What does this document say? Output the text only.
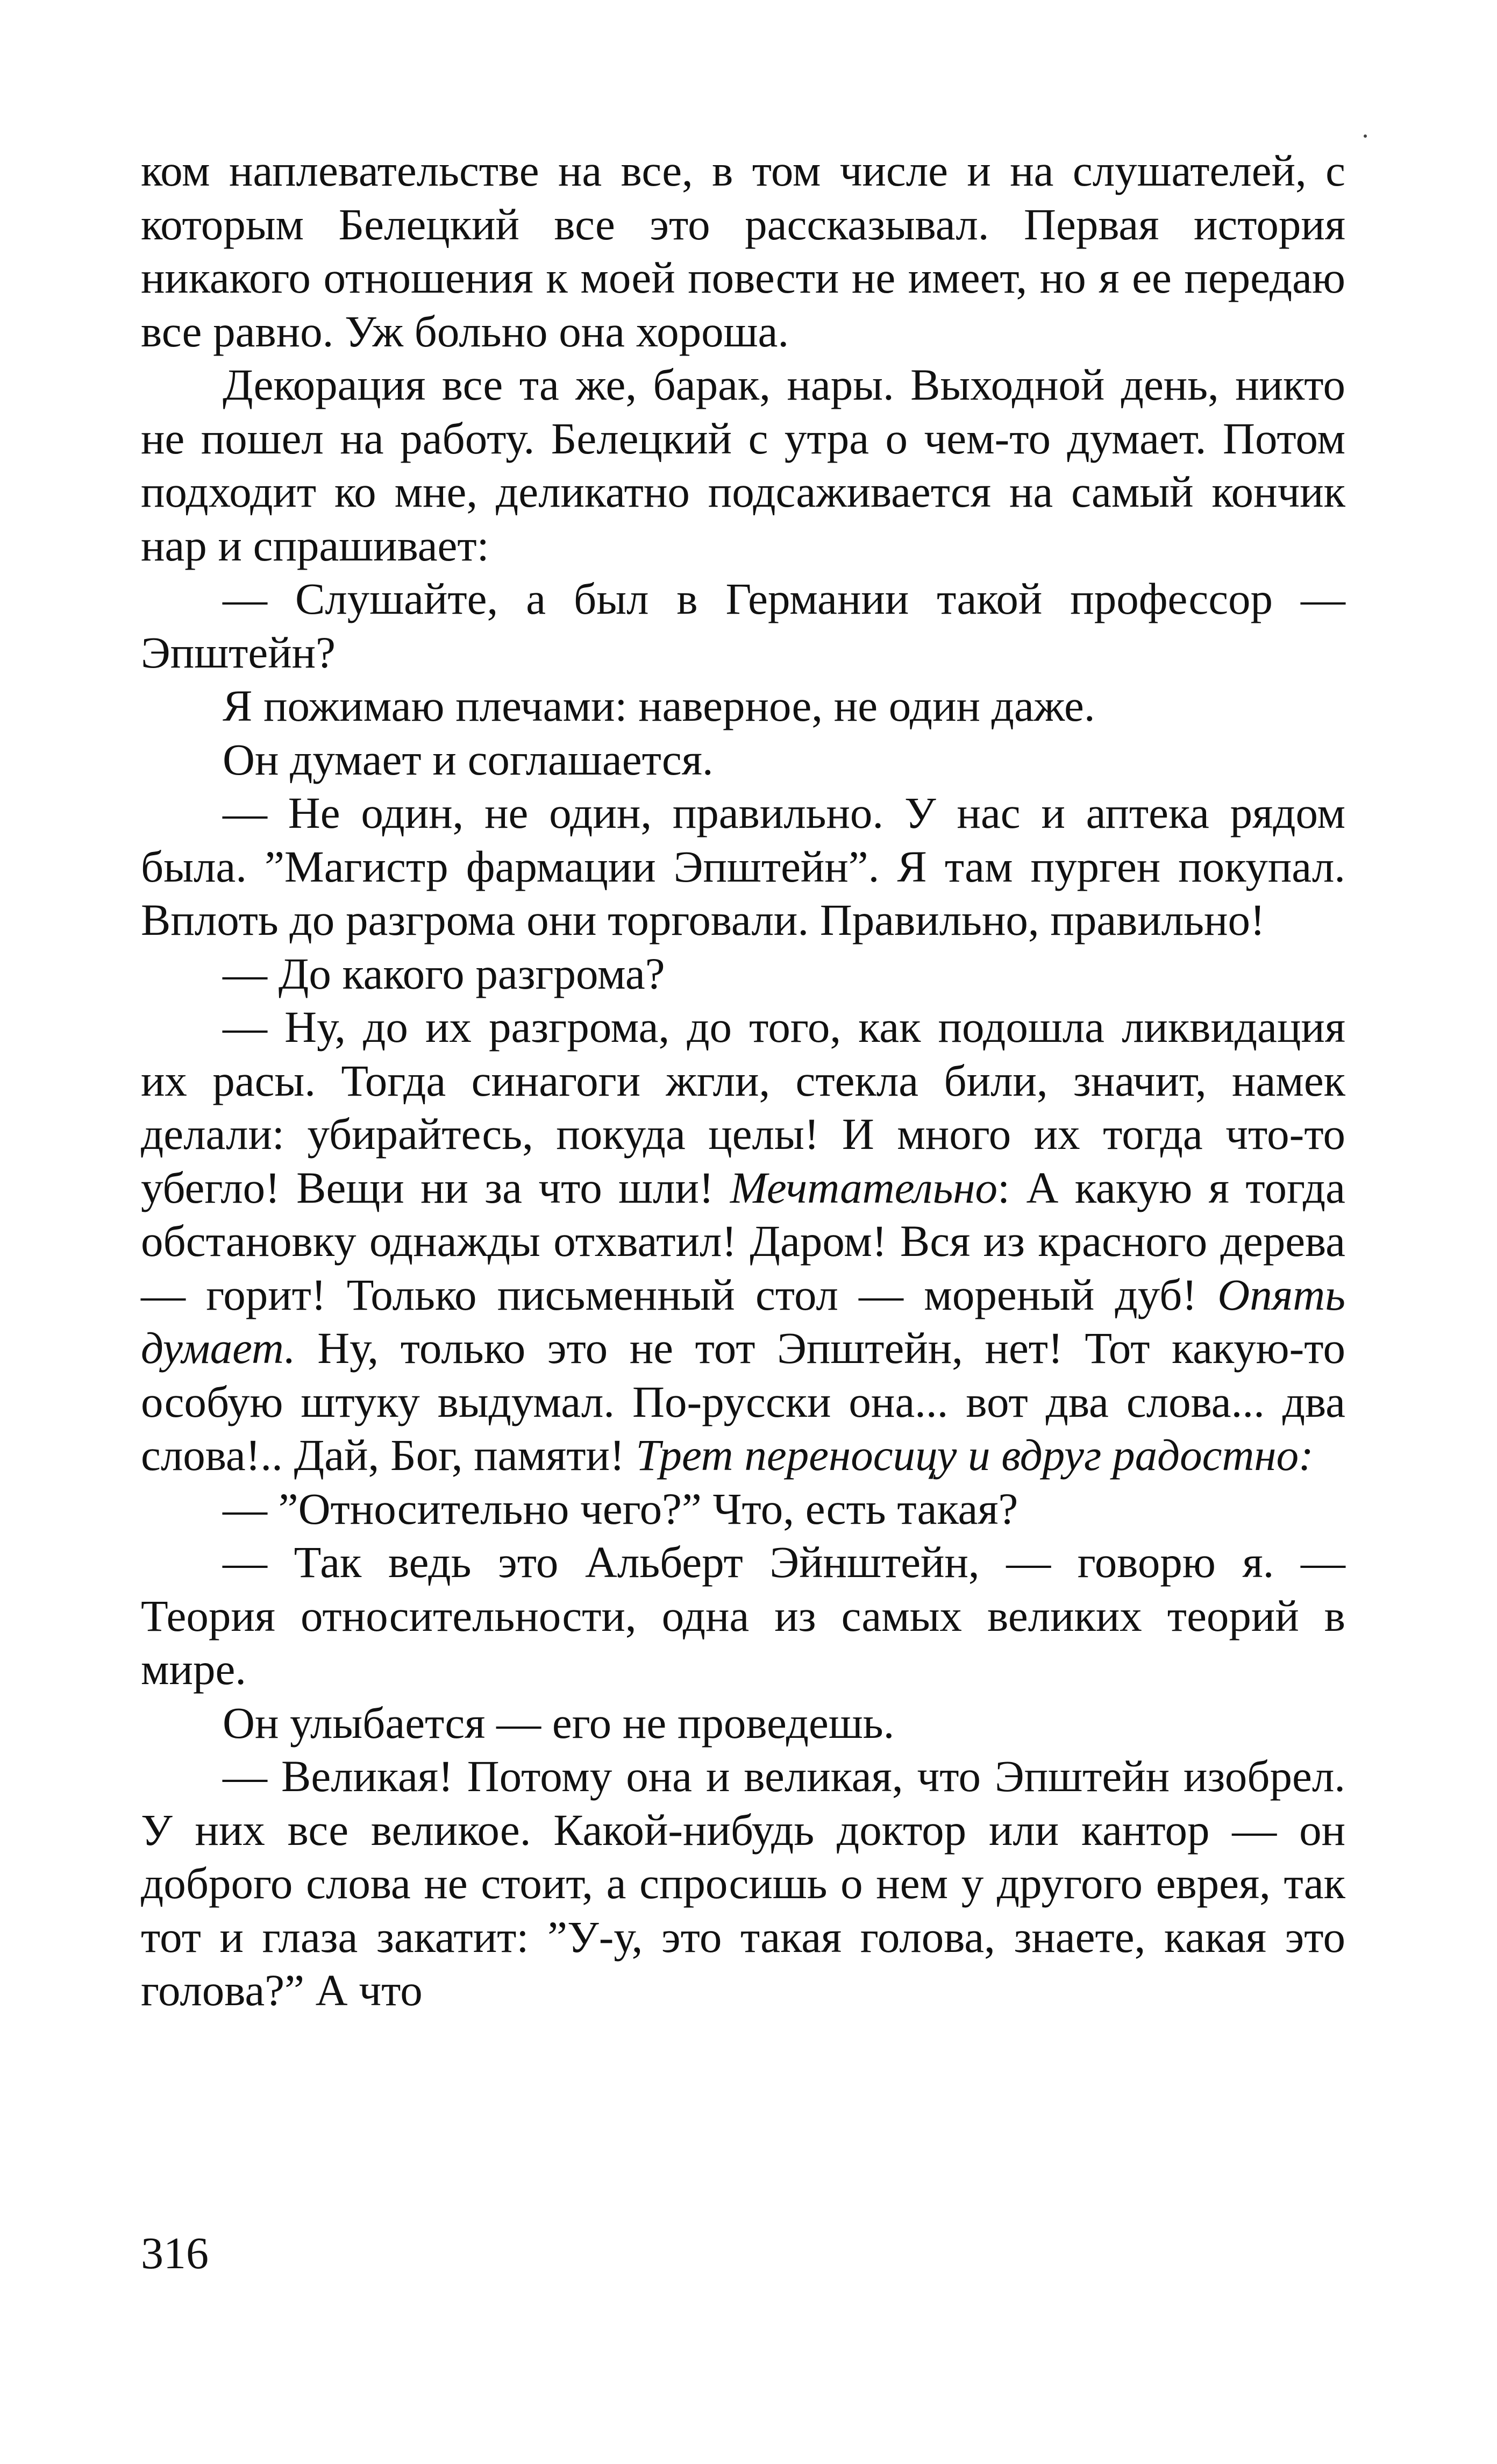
ком наплевательстве на все, в том числе и на слушателей, с которым Белецкий все это рассказывал. Первая история никакого отношения к моей повести не имеет, но я ее передаю все равно. Уж больно она хороша.

Декорация все та же, барак, нары. Выходной день, никто не пошел на работу. Белецкий с утра о чем-то думает. Потом подходит ко мне, деликатно подсаживается на самый кончик нар и спрашивает:

— Слушайте, а был в Германии такой профессор — Эпштейн?

Я пожимаю плечами: наверное, не один даже.

Он думает и соглашается.

— Не один, не один, правильно. У нас и аптека рядом была. ”Магистр фармации Эпштейн”. Я там пурген покупал. Вплоть до разгрома они торговали. Правильно, правильно!

— До какого разгрома?

— Ну, до их разгрома, до того, как подошла ликвидация их расы. Тогда синагоги жгли, стекла били, значит, намек делали: убирайтесь, покуда целы! И много их тогда что-то убегло! Вещи ни за что шли! Мечтательно: А какую я тогда обстановку однажды отхватил! Даром! Вся из красного дерева — горит! Только письменный стол — мореный дуб! Опять думает. Ну, только это не тот Эпштейн, нет! Тот какую-то особую штуку выдумал. По-русски она... вот два слова... два слова!.. Дай, Бог, памяти! Трет переносицу и вдруг радостно:

— ”Относительно чего?” Что, есть такая?

— Так ведь это Альберт Эйнштейн, — говорю я. — Теория относительности, одна из самых великих теорий в мире.

Он улыбается — его не проведешь.

— Великая! Потому она и великая, что Эпштейн изобрел. У них все великое. Какой-нибудь доктор или кантор — он доброго слова не стоит, а спросишь о нем у другого еврея, так тот и глаза закатит: ”У-у, это такая голова, знаете, какая это голова?” А что

316
